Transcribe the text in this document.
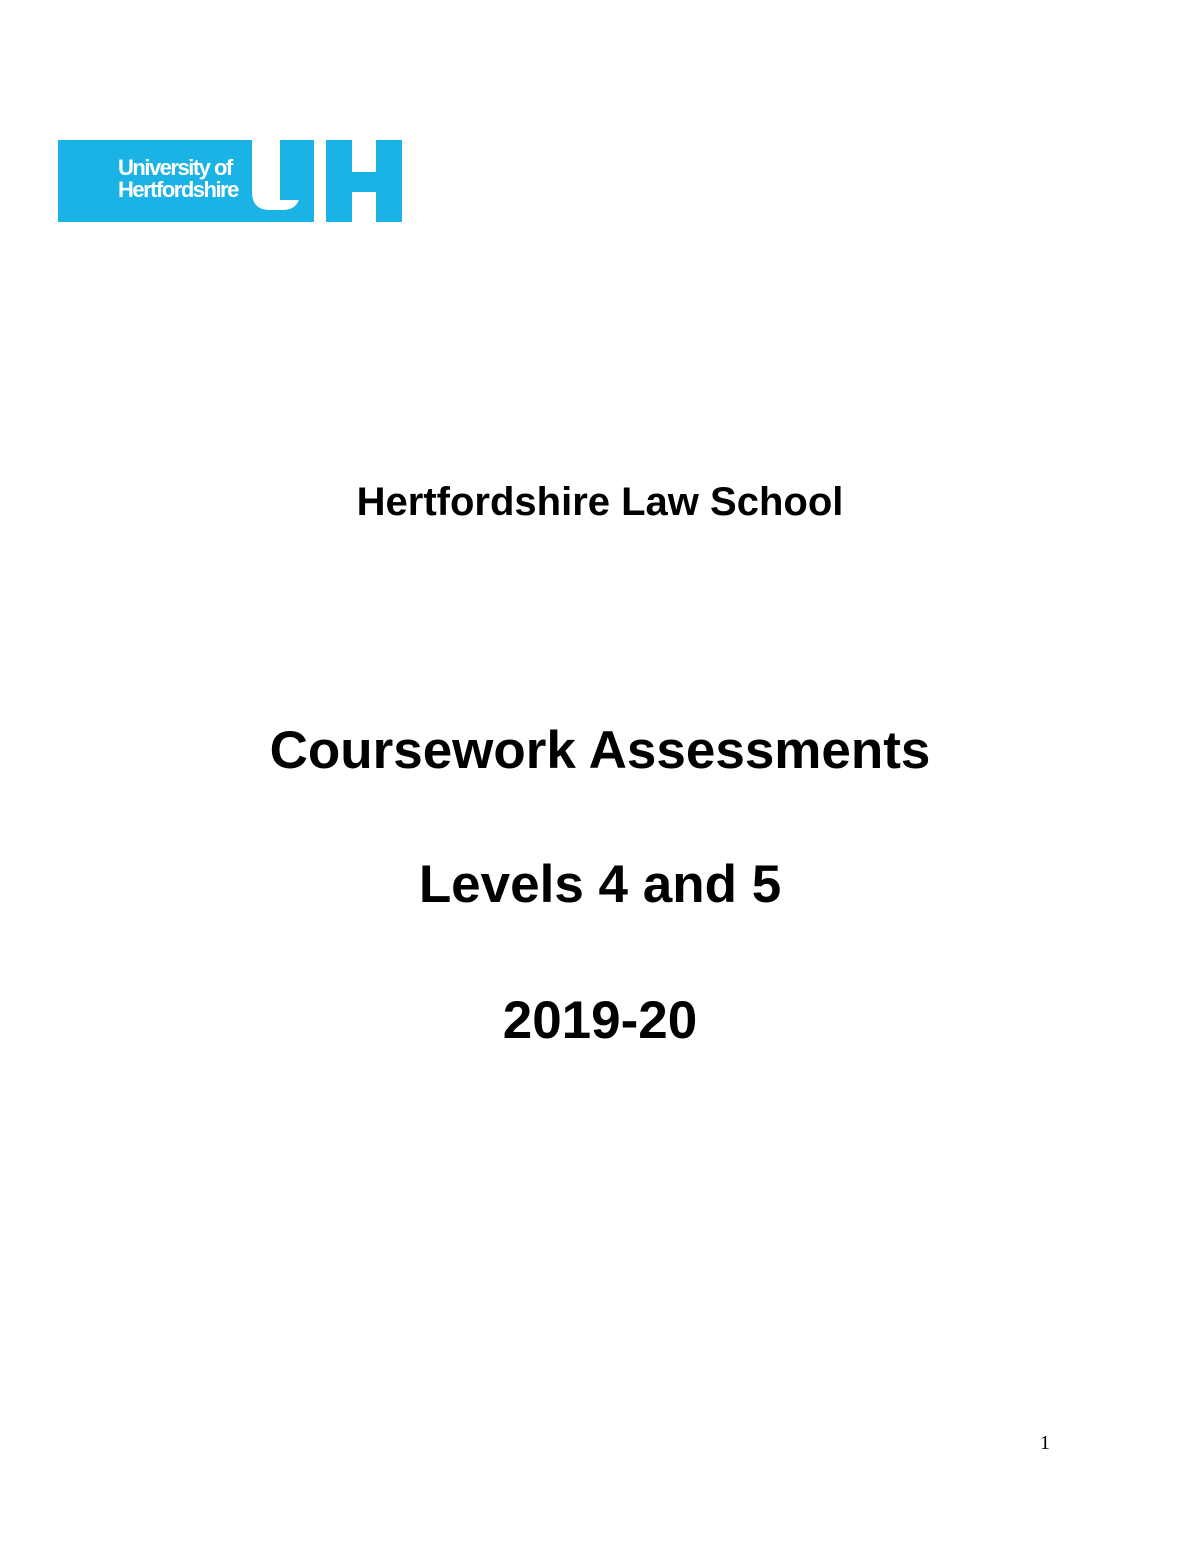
University of
Hertfordshire
Hertfordshire Law School
Coursework Assessments
Levels 4 and 5
2019-20
1
